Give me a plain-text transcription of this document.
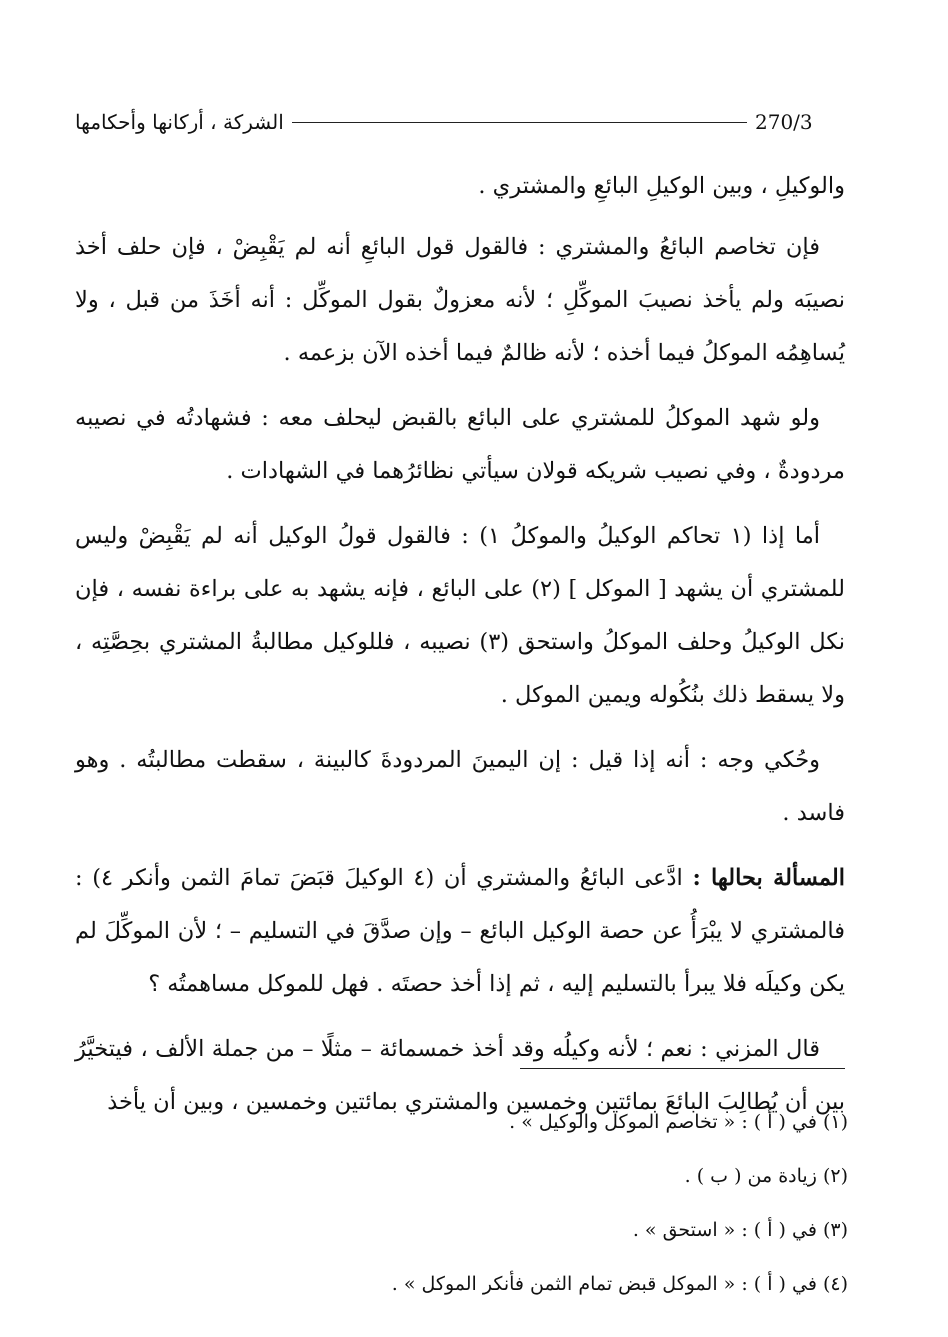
الشركة ، أركانها وأحكامها	270/3

والوكيلِ ، وبين الوكيلِ البائعِ والمشتري .

فإن تخاصم البائعُ والمشتري : فالقول قول البائعِ أنه لم يَقْبِضْ ، فإن حلف أخذ نصيبَه ولم يأخذ نصيبَ الموكِّلِ ؛ لأنه معزولٌ بقول الموكِّل : أنه أخَذَ من قبل ، ولا يُساهِمُه الموكلُ فيما أخذه ؛ لأنه ظالمٌ فيما أخذه الآن بزعمه .

ولو شهد الموكلُ للمشتري على البائع بالقبض ليحلف معه : فشهادتُه في نصيبه مردودةٌ ، وفي نصيب شريكه قولان سيأتي نظائرُهما في الشهادات .

أما إذا (١ تحاكم الوكيلُ والموكلُ ١) : فالقول قولُ الوكيل أنه لم يَقْبِضْ وليس للمشتري أن يشهد [ الموكل ] (٢) على البائع ، فإنه يشهد به على براءة نفسه ، فإن نكل الوكيلُ وحلف الموكلُ واستحق (٣) نصيبه ، فللوكيل مطالبةُ المشتري بحِصَّتِه ، ولا يسقط ذلك بنُكُوله ويمين الموكل .

وحُكي وجه : أنه إذا قيل : إن اليمينَ المردودةَ كالبينة ، سقطت مطالبتُه . وهو فاسد .

المسألة بحالها : ادَّعى البائعُ والمشتري أن (٤ الوكيلَ قبَضَ تمامَ الثمن وأنكر ٤) : فالمشتري لا يبْرَأُ عن حصة الوكيل البائع – وإن صدَّقَ في التسليم – ؛ لأن الموكِّلَ لم يكن وكيلَه فلا يبرأ بالتسليم إليه ، ثم إذا أخذ حصتَه . فهل للموكل مساهمتُه ؟

قال المزني : نعم ؛ لأنه وكيلُه وقد أخذ خمسمائة – مثلًا – من جملة الألف ، فيتخيَّرُ بين أن يُطالِبَ البائعَ بمائتين وخمسين والمشتري بمائتين وخمسين ، وبين أن يأخذ

(١) في ( أ ) : « تخاصم الموكل والوكيل » .
(٢) زيادة من ( ب ) .
(٣) في ( أ ) : « استحق » .
(٤) في ( أ ) : « الموكل قبض تمام الثمن فأنكر الموكل » .
